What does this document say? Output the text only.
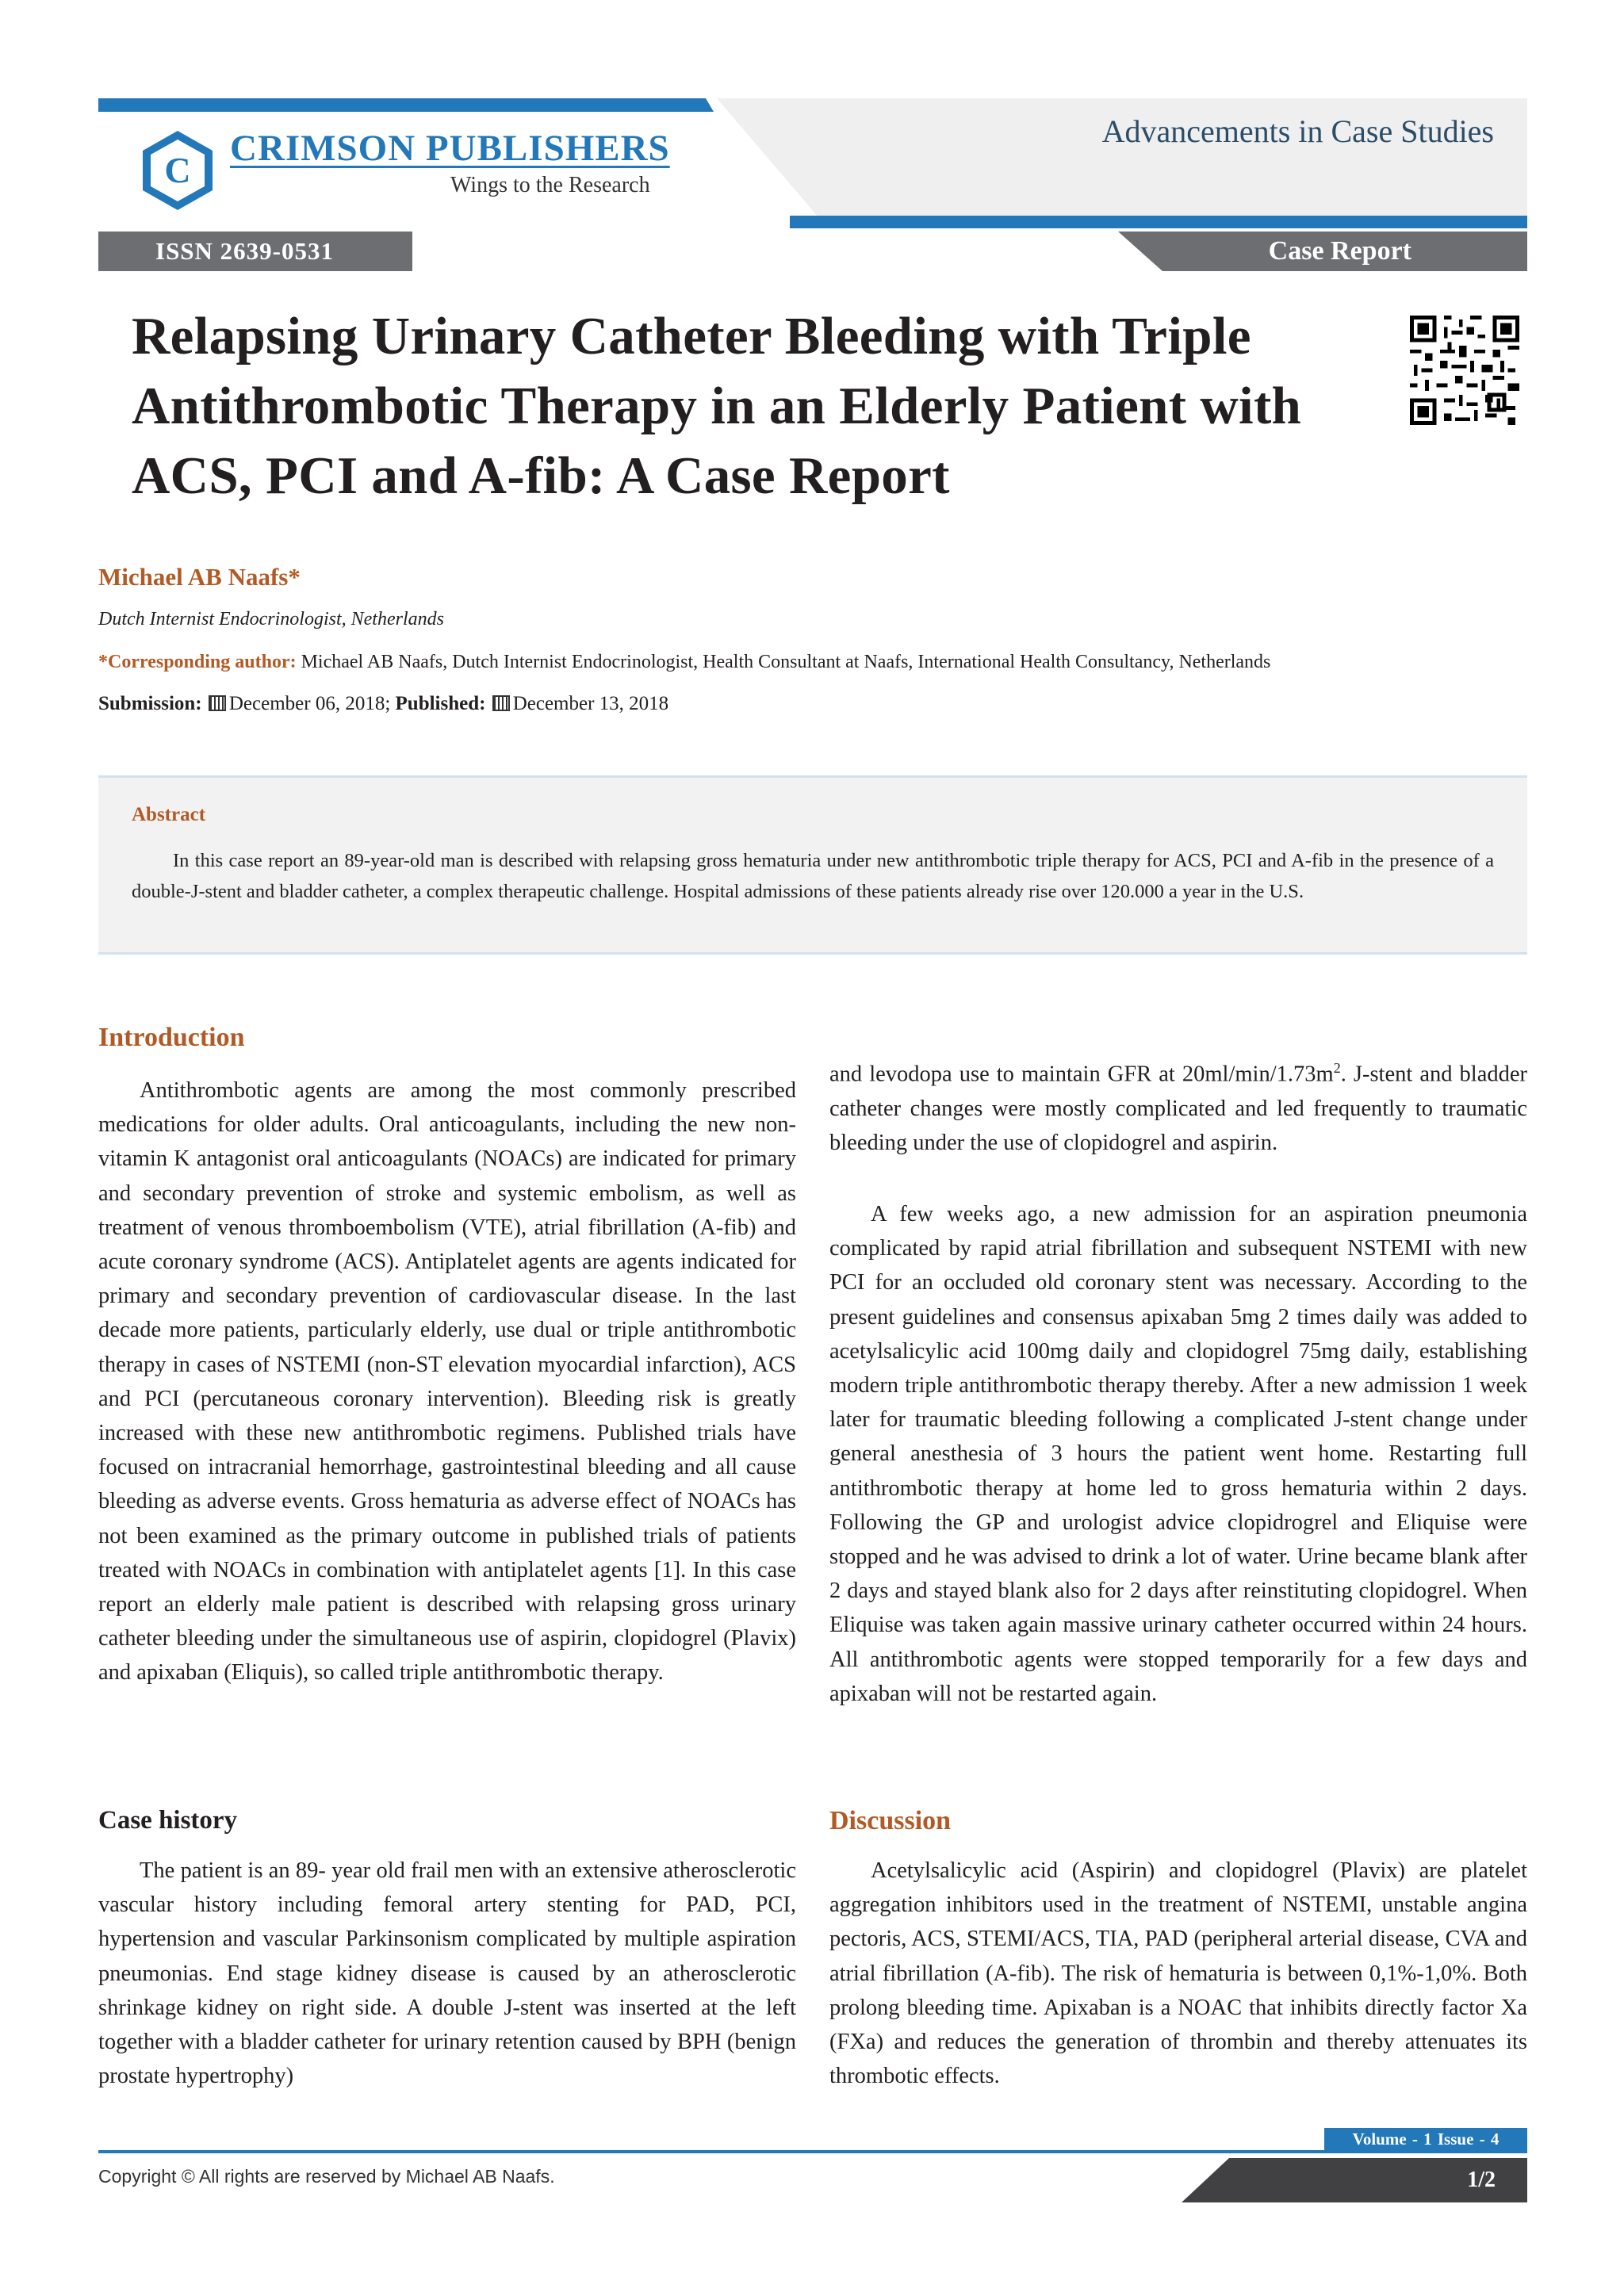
C
CRIMSON PUBLISHERS
Wings to the Research
Advancements in Case Studies
ISSN 2639-0531	Case Report
Relapsing Urinary Catheter Bleeding with Triple Antithrombotic Therapy in an Elderly Patient with ACS, PCI and A-fib: A Case Report
Michael AB Naafs*
Dutch Internist Endocrinologist, Netherlands
*Corresponding author: Michael AB Naafs, Dutch Internist Endocrinologist, Health Consultant at Naafs, International Health Consultancy, Netherlands
Submission: December 06, 2018; Published: December 13, 2018
Abstract
In this case report an 89-year-old man is described with relapsing gross hematuria under new antithrombotic triple therapy for ACS, PCI and A-fib in the presence of a double-J-stent and bladder catheter, a complex therapeutic challenge. Hospital admissions of these patients already rise over 120.000 a year in the U.S.
Introduction

Antithrombotic agents are among the most commonly prescribed medications for older adults. Oral anticoagulants, including the new non-vitamin K antagonist oral anticoagulants (NOACs) are indicated for primary and secondary prevention of stroke and systemic embolism, as well as treatment of venous thromboembolism (VTE), atrial fibrillation (A-fib) and acute coronary syndrome (ACS). Antiplatelet agents are agents indicated for primary and secondary prevention of cardiovascular disease. In the last decade more patients, particularly elderly, use dual or triple antithrombotic therapy in cases of NSTEMI (non-ST elevation myocardial infarction), ACS and PCI (percutaneous coronary intervention). Bleeding risk is greatly increased with these new antithrombotic regimens. Published trials have focused on intracranial hemorrhage, gastrointestinal bleeding and all cause bleeding as adverse events. Gross hematuria as adverse effect of NOACs has not been examined as the primary outcome in published trials of patients treated with NOACs in combination with antiplatelet agents [1]. In this case report an elderly male patient is described with relapsing gross urinary catheter bleeding under the simultaneous use of aspirin, clopidogrel (Plavix) and apixaban (Eliquis), so called triple antithrombotic therapy.

Case history

The patient is an 89- year old frail men with an extensive atherosclerotic vascular history including femoral artery stenting for PAD, PCI, hypertension and vascular Parkinsonism complicated by multiple aspiration pneumonias. End stage kidney disease is caused by an atherosclerotic shrinkage kidney on right side. A double J-stent was inserted at the left together with a bladder catheter for urinary retention caused by BPH (benign prostate hypertrophy)

and levodopa use to maintain GFR at $20ml/\min/1.73m^2$. J-stent and bladder catheter changes were mostly complicated and led frequently to traumatic bleeding under the use of clopidogrel and aspirin.

A few weeks ago, a new admission for an aspiration pneumonia complicated by rapid atrial fibrillation and subsequent NSTEMI with new PCI for an occluded old coronary stent was necessary. According to the present guidelines and consensus apixaban 5mg 2 times daily was added to acetylsalicylic acid 100mg daily and clopidogrel 75mg daily, establishing modern triple antithrombotic therapy thereby. After a new admission 1 week later for traumatic bleeding following a complicated J-stent change under general anesthesia of 3 hours the patient went home. Restarting full antithrombotic therapy at home led to gross hematuria within 2 days. Following the GP and urologist advice clopidrogrel and Eliquise were stopped and he was advised to drink a lot of water. Urine became blank after 2 days and stayed blank also for 2 days after reinstituting clopidogrel. When Eliquise was taken again massive urinary catheter occurred within 24 hours. All antithrombotic agents were stopped temporarily for a few days and apixaban will not be restarted again.

Discussion

Acetylsalicylic acid (Aspirin) and clopidogrel (Plavix) are platelet aggregation inhibitors used in the treatment of NSTEMI, unstable angina pectoris, ACS, STEMI/ACS, TIA, PAD (peripheral arterial disease, CVA and atrial fibrillation (A-fib). The risk of hematuria is between 0,1%-1,0%. Both prolong bleeding time. Apixaban is a NOAC that inhibits directly factor Xa (FXa) and reduces the generation of thrombin and thereby attenuates its thrombotic effects.

Volume - 1 Issue - 4
Copyright © All rights are reserved by Michael AB Naafs.	1/2
